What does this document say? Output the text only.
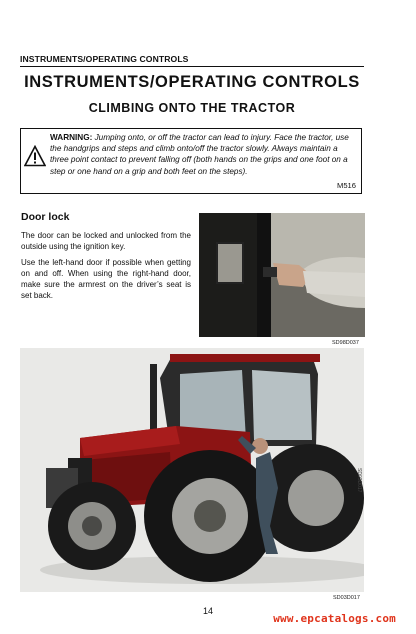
INSTRUMENTS/OPERATING CONTROLS
INSTRUMENTS/OPERATING CONTROLS
CLIMBING ONTO THE TRACTOR
WARNING: Jumping onto, or off the tractor can lead to injury. Face the tractor, use the handgrips and steps and climb onto/off the tractor slowly. Always maintain a three point contact to prevent falling off (both hands on the grips and one foot on a step or one hand on a grip and both feet on the steps).
M516
Door lock
The door can be locked and unlocked from the outside using the ignition key.
Use the left-hand door if possible when getting on and off. When using the right-hand door, make sure the armrest on the driver’s seat is set back.
SD98D037
SD03D017
SD03D017
14
www.epcatalogs.com
